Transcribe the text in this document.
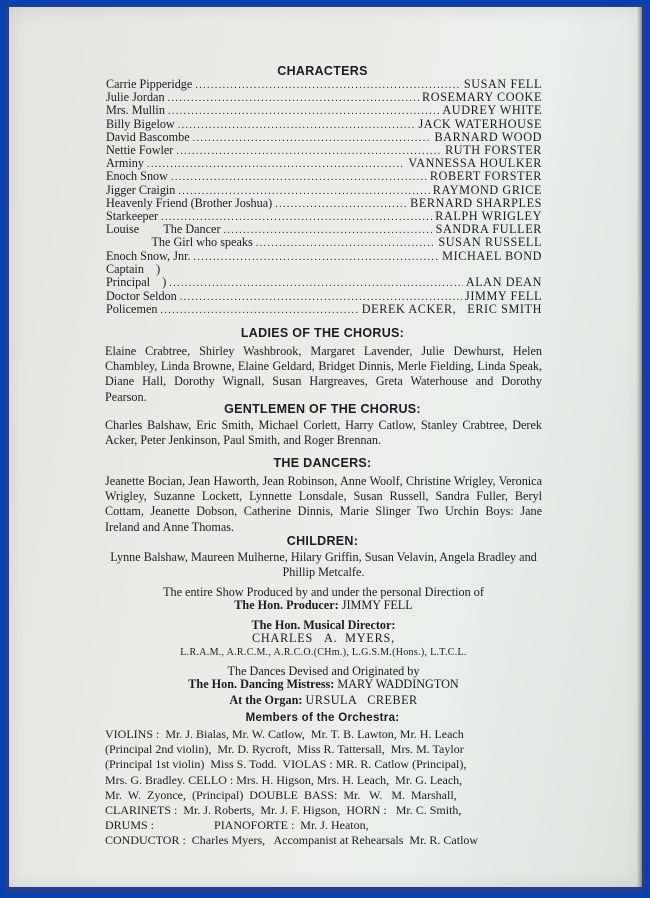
CHARACTERS
Carrie Pipperidge .....	SUSAN FELL
Julie Jordan .....	ROSEMARY COOKE
Mrs. Mullin .....	AUDREY WHITE
Billy Bigelow .....	JACK WATERHOUSE
David Bascombe .....	BARNARD WOOD
Nettie Fowler .....	RUTH FORSTER
Arminy .....	VANNESSA HOULKER
Enoch Snow .....	ROBERT FORSTER
Jigger Craigin .....	RAYMOND GRICE
Heavenly Friend (Brother Joshua) .....	BERNARD SHARPLES
Starkeeper .....	RALPH WRIGLEY
Louise        The Dancer .....	SANDRA FULLER
The Girl who speaks .....	SUSAN RUSSELL
Enoch Snow, Jnr. .....	MICHAEL BOND
Captain    )
Principal    ) .....	ALAN DEAN
Doctor Seldon .....	JIMMY FELL
Policemen .....	DEREK ACKER,   ERIC SMITH
LADIES OF THE CHORUS:
Elaine Crabtree, Shirley Washbrook, Margaret Lavender, Julie Dewhurst, Helen Chambley, Linda Browne, Elaine Geldard, Bridget Dinnis, Merle Fielding, Linda Speak, Diane Hall, Dorothy Wignall, Susan Hargreaves, Greta Waterhouse and Dorothy Pearson.
GENTLEMEN OF THE CHORUS:
Charles Balshaw, Eric Smith, Michael Corlett, Harry Catlow, Stanley Crabtree, Derek Acker, Peter Jenkinson, Paul Smith, and Roger Brennan.
THE DANCERS:
Jeanette Bocian, Jean Haworth, Jean Robinson, Anne Woolf, Christine Wrigley, Veronica Wrigley, Suzanne Lockett, Lynnette Lonsdale, Susan Russell, Sandra Fuller, Beryl Cottam, Jeanette Dobson, Catherine Dinnis, Marie Slinger Two Urchin Boys: Jane Ireland and Anne Thomas.
CHILDREN:
Lynne Balshaw, Maureen Mulherne, Hilary Griffin, Susan Velavin, Angela Bradley and Phillip Metcalfe.
The entire Show Produced by and under the personal Direction of
The Hon. Producer: JIMMY FELL
The Hon. Musical Director:
CHARLES   A.  MYERS,
L.R.A.M., A.R.C.M., A.R.C.O.(CHm.), L.G.S.M.(Hons.), L.T.C.L.
The Dances Devised and Originated by
The Hon. Dancing Mistress: MARY WADDINGTON
At the Organ: URSULA   CREBER
Members of the Orchestra:
VIOLINS :  Mr. J. Bialas, Mr. W. Catlow,  Mr. T. B. Lawton, Mr. H. Leach
(Principal 2nd violin),  Mr. D. Rycroft,  Miss R. Tattersall,  Mrs. M. Taylor
(Principal 1st violin)  Miss S. Todd.  VIOLAS : MR. R. Catlow (Principal),
Mrs. G. Bradley. CELLO : Mrs. H. Higson, Mrs. H. Leach,  Mr. G. Leach,
Mr.  W.  Zyonce,  (Principal)  DOUBLE  BASS:  Mr.   W.   M.  Marshall,
CLARINETS :  Mr. J. Roberts,  Mr. J. F. Higson,  HORN :   Mr. C. Smith,
DRUMS :                    PIANOFORTE :  Mr. J. Heaton,
CONDUCTOR :  Charles Myers,   Accompanist at Rehearsals  Mr. R. Catlow
